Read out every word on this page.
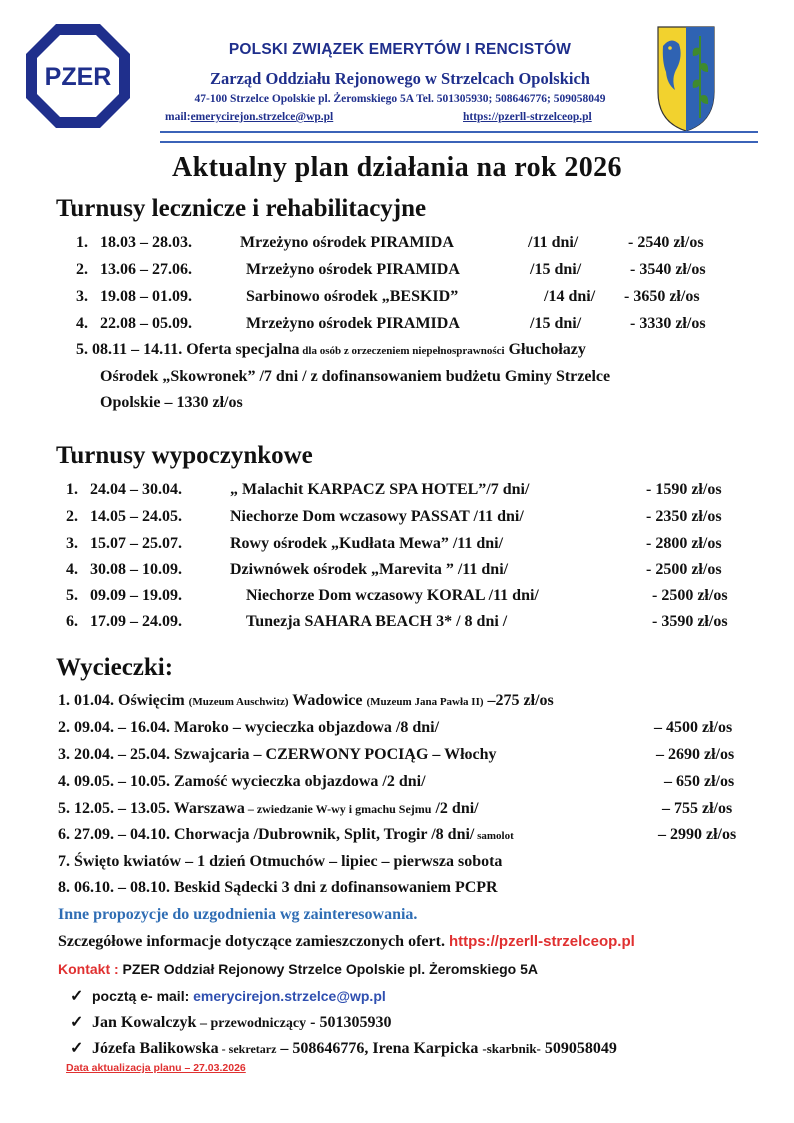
PZER
POLSKI ZWIĄZEK EMERYTÓW I RENCISTÓW
Zarząd Oddziału Rejonowego w Strzelcach Opolskich
47-100 Strzelce Opolskie pl. Żeromskiego 5A Tel. 501305930; 508646776; 509058049
mail:emerycirejon.strzelce@wp.pl	https://pzerll-strzelceop.pl
Aktualny plan działania na rok 2026
Turnusy lecznicze i rehabilitacyjne
1. 18.03 – 28.03.	Mrzeżyno ośrodek PIRAMIDA	/11 dni/	- 2540 zł/os
2. 13.06 – 27.06.	Mrzeżyno ośrodek PIRAMIDA	/15 dni/	- 3540 zł/os
3. 19.08 – 01.09.	Sarbinowo ośrodek „BESKID”	/14 dni/ - 3650 zł/os
4. 22.08 – 05.09.	Mrzeżyno ośrodek PIRAMIDA	/15 dni/	- 3330 zł/os
5. 08.11 – 14.11. Oferta specjalna dla osób z orzeczeniem niepełnosprawności Głuchołazy
Ośrodek „Skowronek” /7 dni / z dofinansowaniem budżetu Gminy Strzelce
Opolskie – 1330 zł/os
Turnusy wypoczynkowe
1. 24.04 – 30.04.	„ Malachit KARPACZ SPA HOTEL”/7 dni/	- 1590 zł/os
2. 14.05 – 24.05.	Niechorze Dom wczasowy PASSAT /11 dni/	- 2350 zł/os
3. 15.07 – 25.07.	Rowy ośrodek „Kudłata Mewa” /11 dni/	- 2800 zł/os
4. 30.08 – 10.09.	Dziwnówek ośrodek „Marevita ” /11 dni/	- 2500 zł/os
5. 09.09 – 19.09.	Niechorze Dom wczasowy KORAL /11 dni/	- 2500 zł/os
6. 17.09 – 24.09.	Tunezja SAHARA BEACH 3* / 8 dni /	- 3590 zł/os
Wycieczki:
1. 01.04. Oświęcim (Muzeum Auschwitz) Wadowice (Muzeum Jana Pawła II) –275 zł/os
2. 09.04. – 16.04. Maroko – wycieczka objazdowa /8 dni/	– 4500 zł/os
3. 20.04. – 25.04. Szwajcaria – CZERWONY POCIĄG – Włochy	– 2690 zł/os
4. 09.05. – 10.05. Zamość wycieczka objazdowa /2 dni/	– 650 zł/os
5. 12.05. – 13.05. Warszawa – zwiedzanie W-wy i gmachu Sejmu /2 dni/	– 755 zł/os
6. 27.09. – 04.10. Chorwacja /Dubrownik, Split, Trogir /8 dni/ samolot	– 2990 zł/os
7. Święto kwiatów – 1 dzień Otmuchów – lipiec – pierwsza sobota
8. 06.10. – 08.10. Beskid Sądecki 3 dni z dofinansowaniem PCPR
Inne propozycje do uzgodnienia wg zainteresowania.
Szczegółowe informacje dotyczące zamieszczonych ofert. https://pzerll-strzelceop.pl
Kontakt : PZER Oddział Rejonowy Strzelce Opolskie pl. Żeromskiego 5A
✓ pocztą e- mail: emerycirejon.strzelce@wp.pl
✓ Jan Kowalczyk – przewodniczący - 501305930
✓ Józefa Balikowska - sekretarz – 508646776, Irena Karpicka -skarbnik- 509058049
Data aktualizacja planu – 27.03.2026
